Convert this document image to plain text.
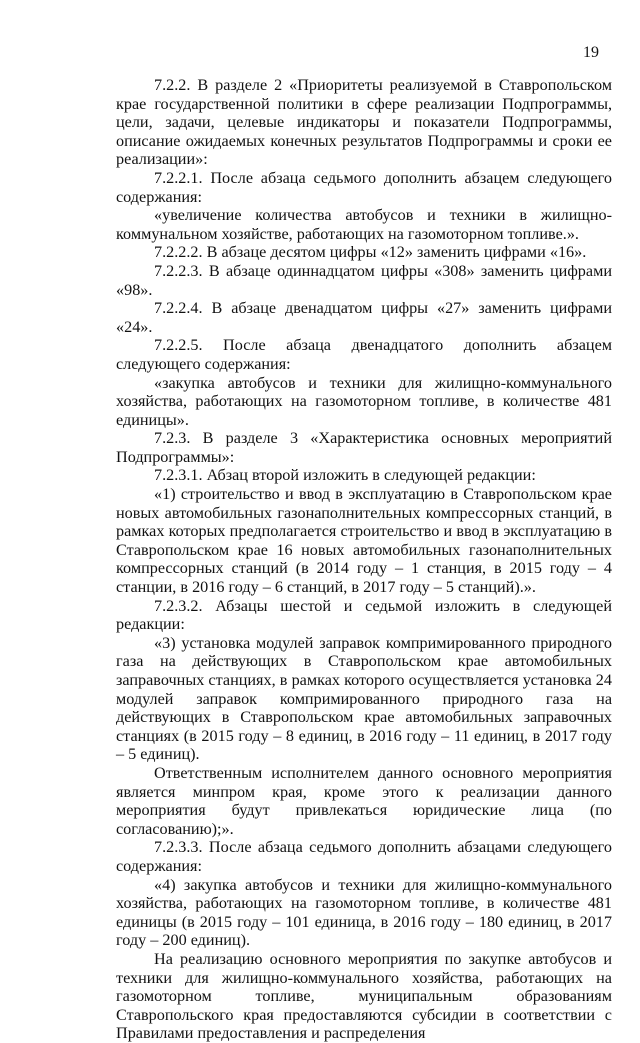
19

7.2.2. В разделе 2 «Приоритеты реализуемой в Ставропольском крае государственной политики в сфере реализации Подпрограммы, цели, задачи, целевые индикаторы и показатели Подпрограммы, описание ожидаемых конечных результатов Подпрограммы и сроки ее реализации»:

7.2.2.1. После абзаца седьмого дополнить абзацем следующего содержания:

«увеличение количества автобусов и техники в жилищно-коммунальном хозяйстве, работающих на газомоторном топливе.».

7.2.2.2. В абзаце десятом цифры «12» заменить цифрами «16».

7.2.2.3. В абзаце одиннадцатом цифры «308» заменить цифрами «98».

7.2.2.4. В абзаце двенадцатом цифры «27» заменить цифрами «24».

7.2.2.5. После абзаца двенадцатого дополнить абзацем следующего содержания:

«закупка автобусов и техники для жилищно-коммунального хозяйства, работающих на газомоторном топливе, в количестве 481 единицы».

7.2.3. В разделе 3 «Характеристика основных мероприятий Подпрограммы»:

7.2.3.1. Абзац второй изложить в следующей редакции:

«1) строительство и ввод в эксплуатацию в Ставропольском крае новых автомобильных газонаполнительных компрессорных станций, в рамках которых предполагается строительство и ввод в эксплуатацию в Ставропольском крае 16 новых автомобильных газонаполнительных компрессорных станций (в 2014 году – 1 станция, в 2015 году – 4 станции, в 2016 году – 6 станций, в 2017 году – 5 станций).».

7.2.3.2. Абзацы шестой и седьмой изложить в следующей редакции:

«3) установка модулей заправок компримированного природного газа на действующих в Ставропольском крае автомобильных заправочных станциях, в рамках которого осуществляется установка 24 модулей заправок компримированного природного газа на действующих в Ставропольском крае автомобильных заправочных станциях (в 2015 году – 8 единиц, в 2016 году – 11 единиц, в 2017 году – 5 единиц).

Ответственным исполнителем данного основного мероприятия является минпром края, кроме этого к реализации данного мероприятия будут привлекаться юридические лица (по согласованию);».

7.2.3.3. После абзаца седьмого дополнить абзацами следующего содержания:

«4) закупка автобусов и техники для жилищно-коммунального хозяйства, работающих на газомоторном топливе, в количестве 481 единицы (в 2015 году – 101 единица, в 2016 году – 180 единиц, в 2017 году – 200 единиц).

На реализацию основного мероприятия по закупке автобусов и техники для жилищно-коммунального хозяйства, работающих на газомоторном топливе, муниципальным образованиям Ставропольского края предоставляются субсидии в соответствии с Правилами предоставления и распределения
